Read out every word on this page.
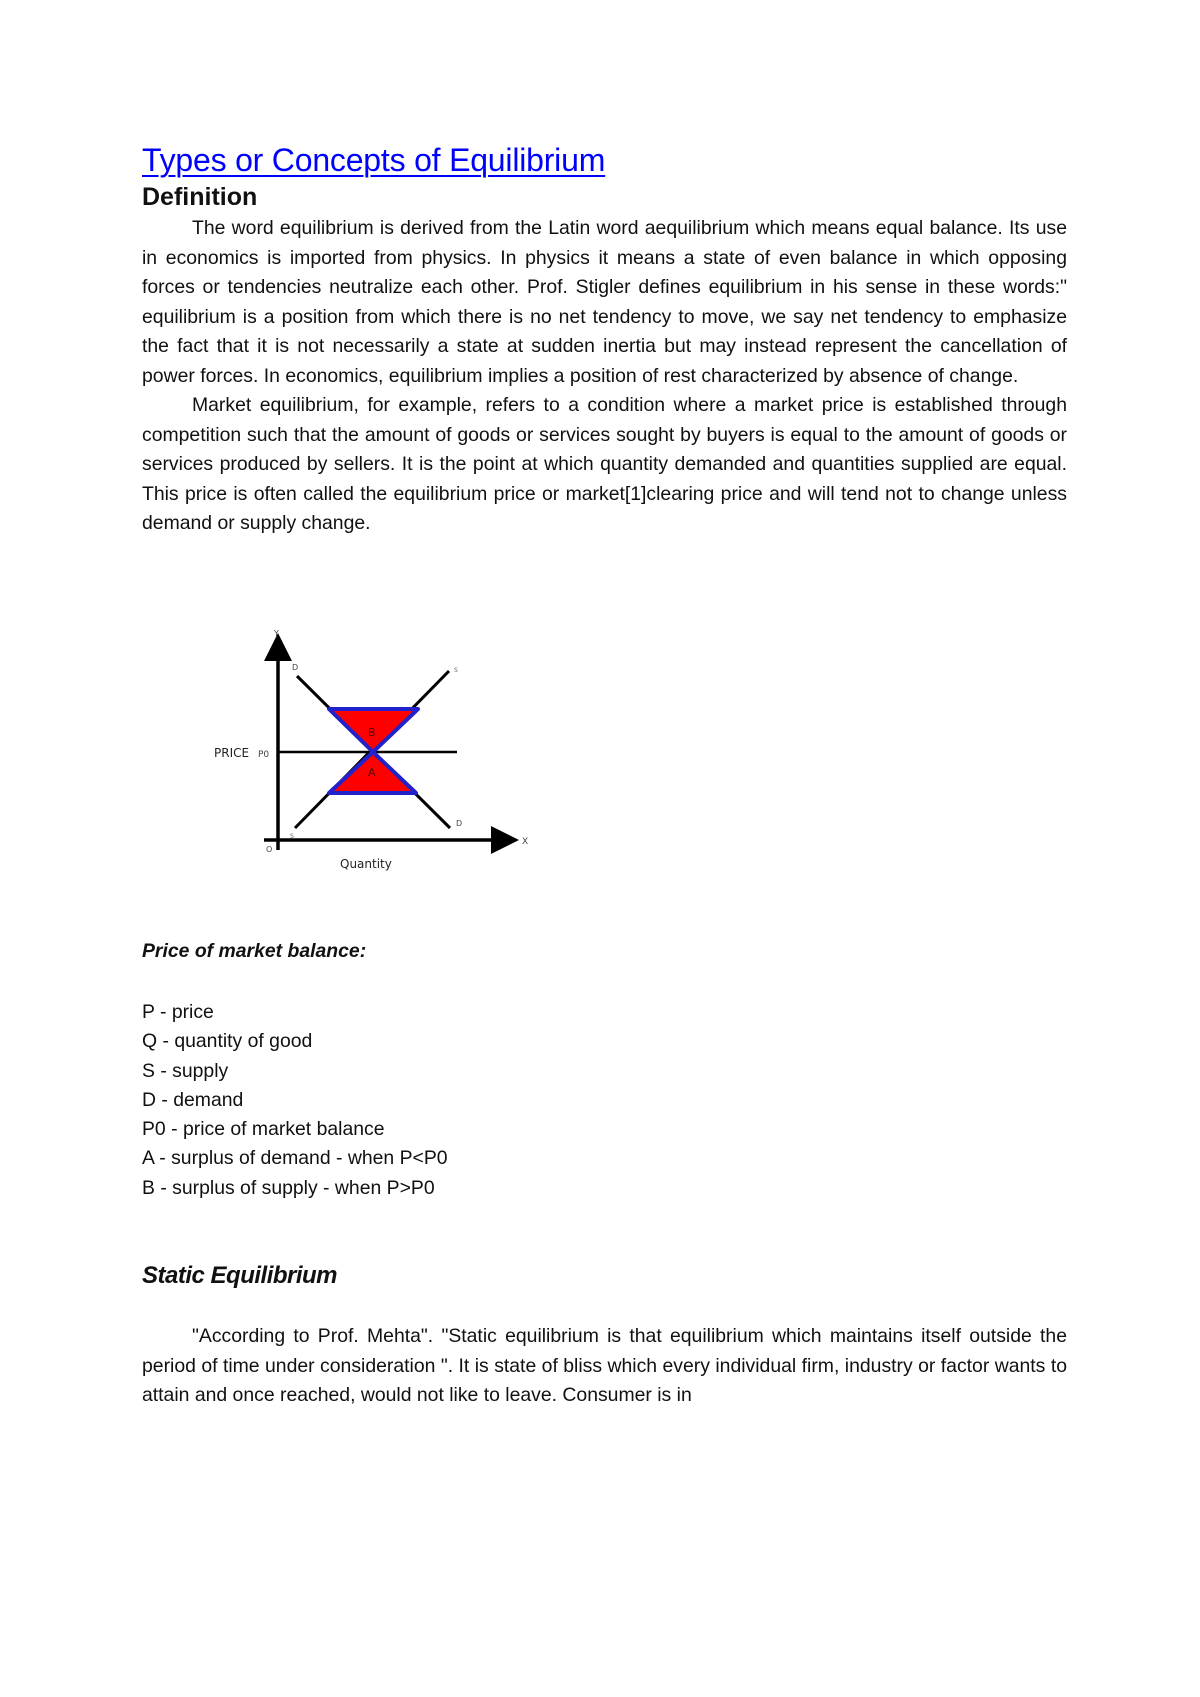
Types or Concepts of Equilibrium
Definition

The word equilibrium is derived from the Latin word aequilibrium which means equal balance. Its use in economics is imported from physics. In physics it means a state of even balance in which opposing forces or tendencies neutralize each other. Prof. Stigler defines equilibrium in his sense in these words:" equilibrium is a position from which there is no net tendency to move, we say net tendency to emphasize the fact that it is not necessarily a state at sudden inertia but may instead represent the cancellation of power forces. In economics, equilibrium implies a position of rest characterized by absence of change.

Market equilibrium, for example, refers to a condition where a market price is established through competition such that the amount of goods or services sought by buyers is equal to the amount of goods or services produced by sellers. It is the point at which quantity demanded and quantities supplied are equal. This price is often called the equilibrium price or market[1]clearing price and will tend not to change unless demand or supply change.

Y
X
O
PRICE P0
Quantity
D
D
S
S
B
A

Price of market balance:

P - price
Q - quantity of good
S - supply
D - demand
P0 - price of market balance
A - surplus of demand - when P<P0
B - surplus of supply - when P>P0
Static Equilibrium

"According to Prof. Mehta". "Static equilibrium is that equilibrium which maintains itself outside the period of time under consideration ". It is state of bliss which every individual firm, industry or factor wants to attain and once reached, would not like to leave. Consumer is in
